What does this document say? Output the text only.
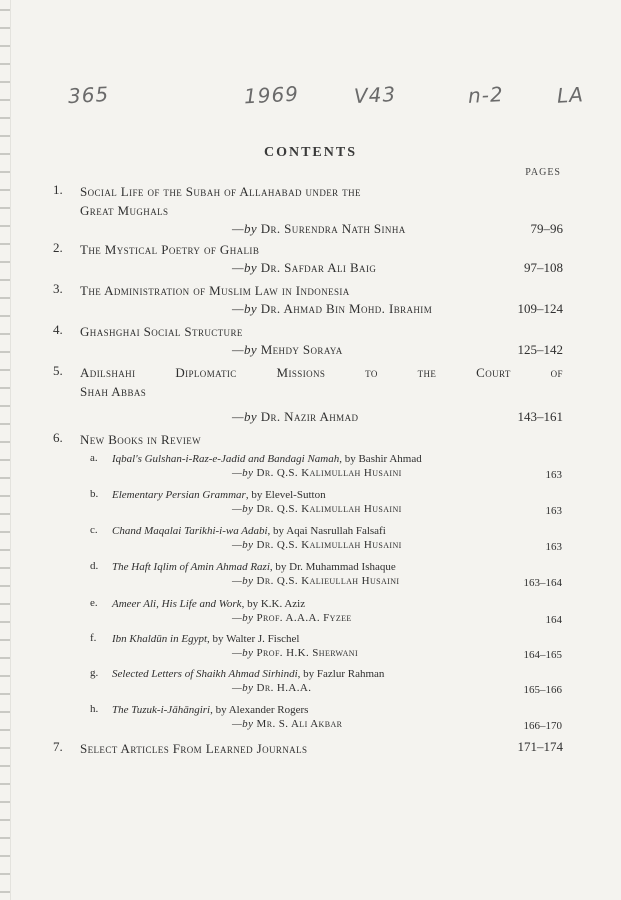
365	1969	V43	n-2	LA
CONTENTS
PAGES
1. Social Life of the Subah of Allahabad under the
Great Mughals
—by Dr. Surendra Nath Sinha	79–96
2. The Mystical Poetry of Ghalib
—by Dr. Safdar Ali Baig	97–108
3. The Administration of Muslim Law in Indonesia
—by Dr. Ahmad Bin Mohd. Ibrahim	109–124
4. Ghashghai Social Structure
—by Mehdy Soraya	125–142
5. Adilshahi	Diplomatic	Missions	to	the	Court	of
Shah Abbas
—by Dr. Nazir Ahmad	143–161
6. New Books in Review
a. Iqbal's Gulshan-i-Raz-e-Jadid and Bandagi Namah, by Bashir Ahmad
—by Dr. Q.S. Kalimullah Husaini	163
b. Elementary Persian Grammar, by Elevel-Sutton
—by Dr. Q.S. Kalimullah Husaini	163
c. Chand Maqalai Tarikhi-i-wa Adabi, by Aqai Nasrullah Falsafi
—by Dr. Q.S. Kalimullah Husaini	163
d. The Haft Iqlim of Amin Ahmad Razi, by Dr. Muhammad Ishaque
—by Dr. Q.S. Kalieullah Husaini	163–164
e. Ameer Ali, His Life and Work, by K.K. Aziz
—by Prof. A.A.A. Fyzee	164
f. Ibn Khaldūn in Egypt, by Walter J. Fischel
—by Prof. H.K. Sherwani	164–165
g. Selected Letters of Shaikh Ahmad Sirhindi, by Fazlur Rahman
—by Dr. H.A.A.	165–166
h. The Tuzuk-i-Jāhāngiri, by Alexander Rogers
—by Mr. S. Ali Akbar	166–170
7. Select Articles From Learned Journals	171–174
